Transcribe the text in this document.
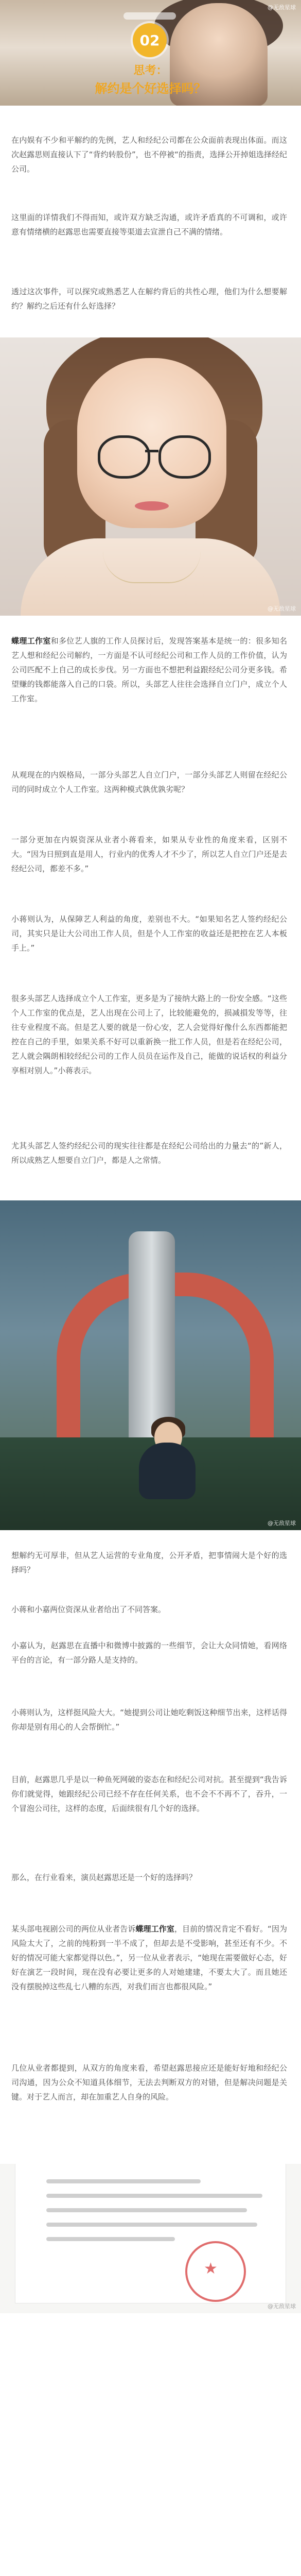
@无敌星球
02
思考：
解约是个好选择吗？

在内娱有不少和平解约的先例，艺人和经纪公司都在公众面前表现出体面。而这次赵露思则直接认下了“背约转股份”，也不停被“的指责，选择公开掉姐选择经纪公司。

这里面的详情我们不得而知，或许双方缺乏沟通，或许矛盾真的不可调和，或许意有情绪横的赵露思也需要直接等渠道去宣泄自己不满的情绪。

透过这次事件，可以探究或熟悉艺人在解约背后的共性心理，他们为什么想要解约？解约之后还有什么好选择？

@无敌星球

蝶理工作室和多位艺人旗的工作人员探讨后，发现答案基本是统一的：很多知名艺人想和经纪公司解约，一方面是不认可经纪公司和工作人员的工作价值，认为公司匹配不上自己的成长步伐。另一方面也不想把利益跟经纪公司分更多钱。希望赚的钱都能落入自己的口袋。所以，头部艺人往往会选择自立门户，成立个人工作室。

从观现在的内娱格局，一部分头部艺人自立门户，一部分头部艺人则留在经纪公司的同时成立个人工作室。这两种模式孰优孰劣呢？

一部分更加在内娱资深从业者小蒋看来，如果从专业性的角度来看，区别不大。“因为日照到直是用人，行业内的优秀人才不少了，所以艺人自立门户还是去经纪公司，都差不多。”

小蒋则认为，从保障艺人利益的角度，差别也不大。“如果知名艺人签约经纪公司，其实只是让大公司出工作人员，但是个人工作室的收益还是把控在艺人本板手上。”

很多头部艺人选择成立个人工作室，更多是为了接纳大路上的一份安全感。“这些个人工作室的优点是，艺人出现在公司上了，比较能避免的，损减損发等等，往往专业程度不高。但是艺人要的就是一份心安，艺人会觉得好像什么东西都能把控在自己的手里，如果关系不好可以重新换一批工作人员，但是若在经纪公司，艺人就会隅朗相较经纪公司的工作人员员在运作及自己，能做的说话权的利益分享相对别人。”小蒋表示。

尤其头部艺人签约经纪公司的现实往往都是在经纪公司给出的力量去“的”新人，所以成熟艺人想要自立门户，都是人之常情。

@无敌星球

想解约无可厚非，但从艺人运营的专业角度，公开矛盾，把事情闹大是个好的选择吗？

小蒋和小嘉两位资深从业者给出了不同答案。

小嘉认为，赵露思在直播中和微博中披露的一些细节，会让大众同情她，看网络平台的言论，有一部分路人是支持的。

小蒋则认为，这样挺风险大大。“她提到公司让她吃剩饭这种细节出来，这样话得你却是别有用心的人会帮倒忙。”

目前，赵露思几乎是以一种鱼死网破的姿态在和经纪公司对抗。甚至提到“我告诉你们就觉得，她跟经纪公司已经不存在任何关系，也不会不不再不了，吞升，一个冒泡公司往，这样的态度，后面续很有几个好的选择。

那么，在行业看来，演员赵露思还是一个好的选择吗？

某头部电视剧公司的两位从业者告诉蝶理工作室，目前的情况肯定不看好。“因为风险太大了，之前的纯粉到一半不成了，但却去是不受影响，甚至还有不少。不好的情况可能大家都觉得以色。”，另一位从业者表示，“她现在需要做好心态，好好在演艺一段时间，现在没有必要让更多的人对她建建，不要太大了。而且她还没有摆脱掉这些乱七八糟的东西，对我们而言也都很风险。”

几位从业者都提到，从双方的角度来看，希望赵露思接应还是能好好地和经纪公司沟通，因为公众不知道具体细节，无法去判断双方的对错，但是解决问题是关键。对于艺人而言，却在加重艺人自身的风险。

★
@无敌星球
